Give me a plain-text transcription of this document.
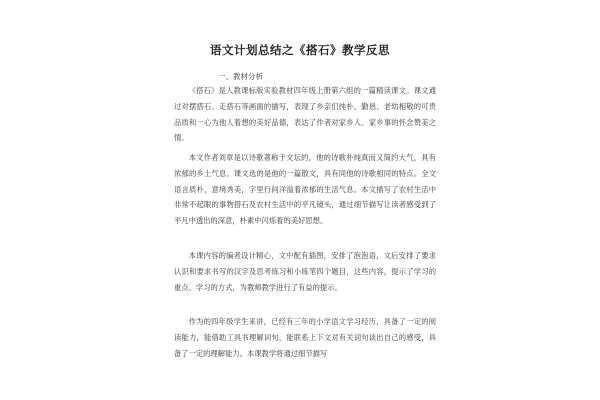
语文计划总结之《搭石》教学反思
一、教材分析

《搭石》是人教课标版实验教材四年级上册第六组的一篇精读课文。课文通过对摆搭石、走搭石等画面的描写，表现了乡亲们纯朴、勤恳、老幼相敬的可贵品质和一心为他人着想的美好品德，表达了作者对家乡人、家乡事的怀念赞美之情。

本文作者刘章是以诗歌著称于文坛的，他的诗歌朴纯真而又简约大气，具有浓郁的乡土气息。课文选的是他的一篇散文，具有同他的诗歌相同的特点。全文语言质朴，意境秀美，字里行间洋溢着浓郁的生活气息。本文描写了农村生活中非常不起眼的事物搭石及农村生活中的平凡镜头，通过细节描写让读者感受到了平凡中透出的深意，朴素中闪烁着的美好思想。

本课内容的编者设计精心，文中配有插图，安排了泡泡语，文后安排了要求认识和要求书写的汉字及思考练习和小练笔四个题目，这些内容，提示了学习的重点、学习的方式，为教师教学进行了有益的提示。

作为的四年级学生来讲，已经有三年的小学语文学习经历，具备了一定的阅读能力，能借助工具书理解词句，能联系上下文对有关词句谈出自己的感受，具备了一定的理解能力。本课教学将通过细节描写
